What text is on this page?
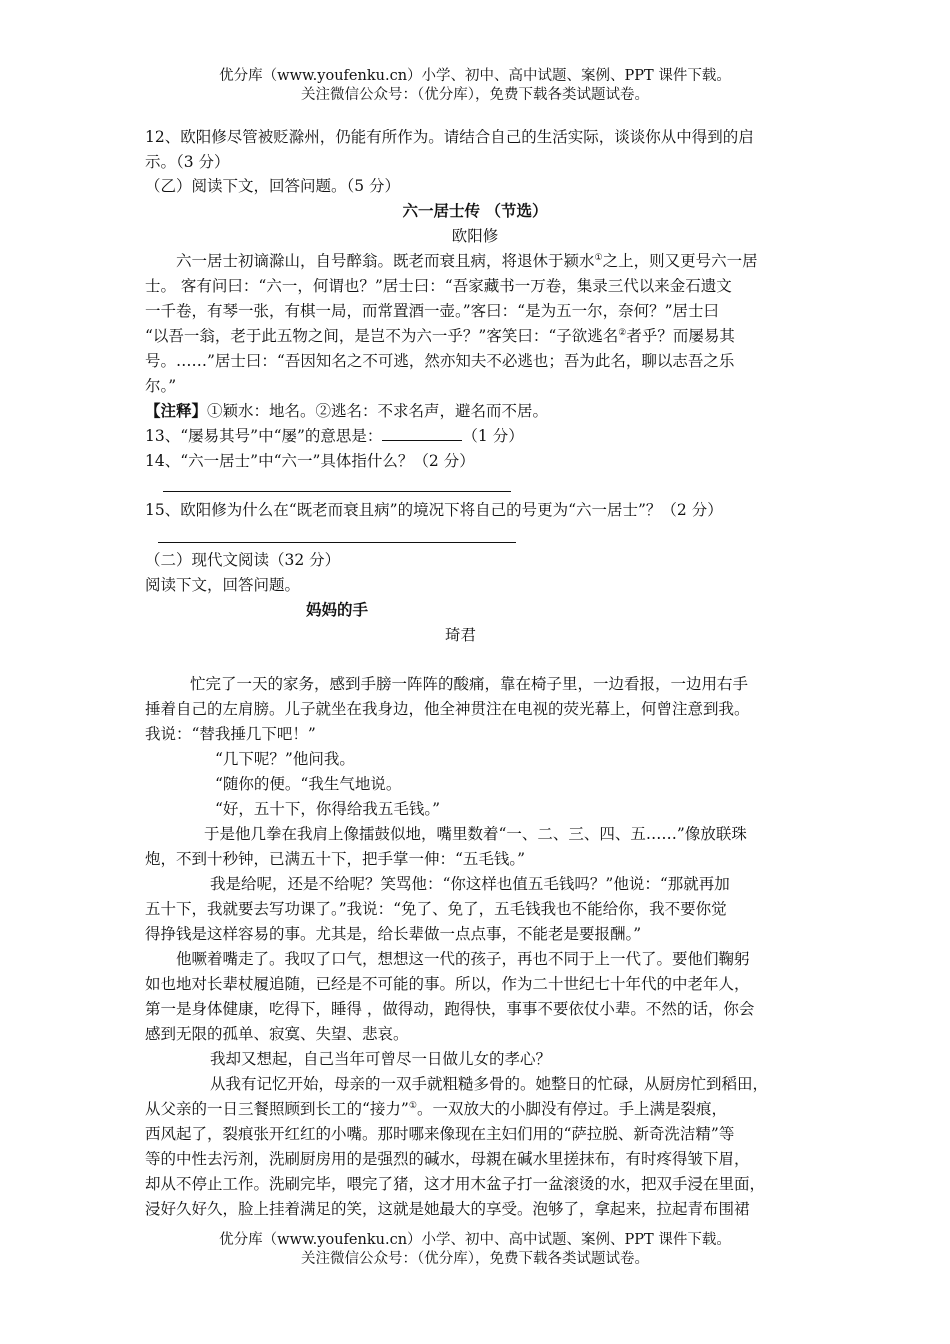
优分库（www.youfenku.cn）小学、初中、高中试题、案例、PPT 课件下载。
关注微信公众号：（优分库），免费下载各类试题试卷。
12、欧阳修尽管被贬滁州，仍能有所作为。请结合自己的生活实际，谈谈你从中得到的启
示。（3 分）
（乙）阅读下文，回答问题。（5 分）
六一居士传 （节选）
欧阳修
六一居士初谪滁山，自号醉翁。既老而衰且病，将退休于颍水①之上，则又更号六一居
士。 客有问曰：“六一，何谓也？”居士曰：“吾家藏书一万卷，集录三代以来金石遗文
一千卷，有琴一张，有棋一局，而常置酒一壶。”客曰：“是为五一尔，奈何？”居士曰
“以吾一翁，老于此五物之间，是岂不为六一乎？”客笑曰：“子欲逃名②者乎？而屡易其
号。……”居士曰：“吾因知名之不可逃，然亦知夫不必逃也；吾为此名，聊以志吾之乐
尔。”
【注释】①颖水：地名。②逃名：不求名声，避名而不居。
13、“屡易其号”中“屡”的意思是：	（1 分）
14、“六一居士”中“六一”具体指什么？（2 分）
15、欧阳修为什么在“既老而衰且病”的境况下将自己的号更为“六一居士”？（2 分）
（二）现代文阅读（32 分）
阅读下文，回答问题。
妈妈的手
琦君
忙完了一天的家务，感到手膀一阵阵的酸痛，靠在椅子里，一边看报，一边用右手
捶着自己的左肩膀。儿子就坐在我身边，他全神贯注在电视的荧光幕上，何曾注意到我。
我说：“替我捶几下吧！”
“几下呢？”他问我。
“随你的便。“我生气地说。
“好，五十下，你得给我五毛钱。”
于是他几拳在我肩上像擂鼓似地，嘴里数着“一、二、三、四、五……”像放联珠
炮，不到十秒钟，已满五十下，把手掌一伸：“五毛钱。”
我是给呢，还是不给呢？笑骂他：“你这样也值五毛钱吗？”他说：“那就再加
五十下，我就要去写功课了。”我说：“免了、免了，五毛钱我也不能给你，我不要你觉
得挣钱是这样容易的事。尤其是，给长辈做一点点事，不能老是要报酬。”
他噘着嘴走了。我叹了口气，想想这一代的孩子，再也不同于上一代了。要他们鞠躬
如也地对长辈杖履追随，已经是不可能的事。所以，作为二十世纪七十年代的中老年人，
第一是身体健康，吃得下，睡得 ，做得动，跑得快，事事不要依仗小辈。不然的话，你会
感到无限的孤单、寂寞、失望、悲哀。
我却又想起，自己当年可曾尽一日做儿女的孝心？
从我有记忆开始，母亲的一双手就粗糙多骨的。她整日的忙碌，从厨房忙到稻田，
从父亲的一日三餐照顾到长工的“接力”①。一双放大的小脚没有停过。手上满是裂痕，
西风起了，裂痕张开红红的小嘴。那时哪来像现在主妇们用的“萨拉脱、新奇洗洁精”等
等的中性去污剂，洗刷厨房用的是强烈的碱水，母親在碱水里搓抹布，有时疼得皱下眉，
却从不停止工作。洗刷完毕，喂完了猪，这才用木盆子打一盆滚烫的水，把双手浸在里面，
浸好久好久，脸上挂着满足的笑，这就是她最大的享受。泡够了，拿起来，拉起青布围裙
优分库（www.youfenku.cn）小学、初中、高中试题、案例、PPT 课件下载。
关注微信公众号：（优分库），免费下载各类试题试卷。
